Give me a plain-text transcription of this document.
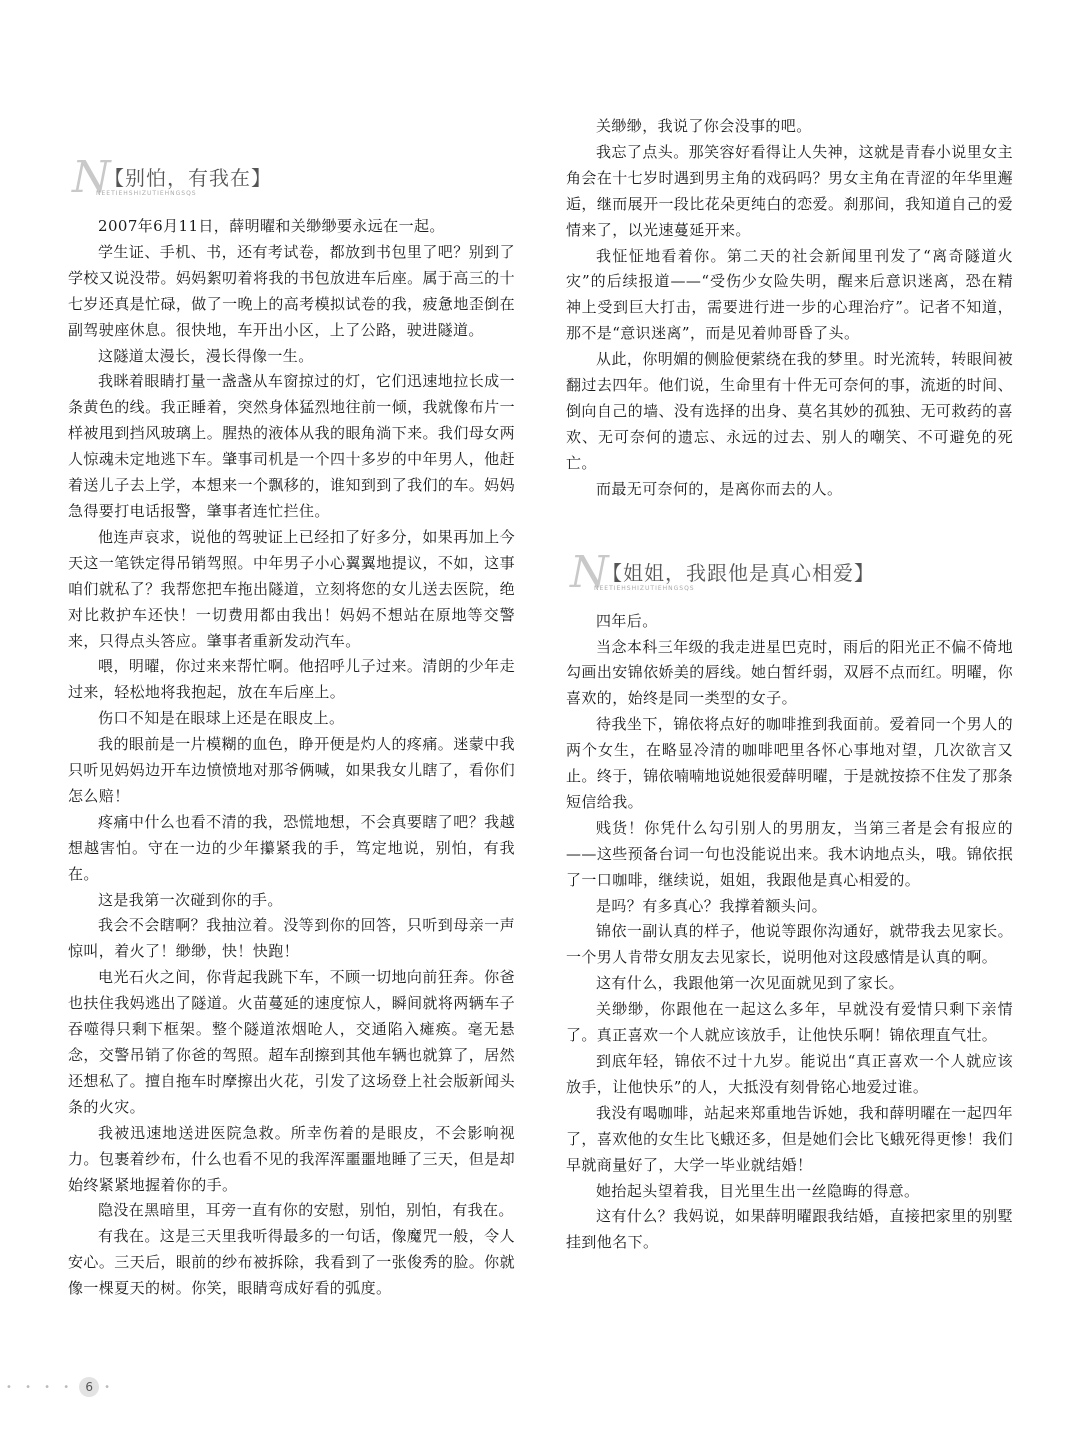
N
【别怕，有我在】
NEETIEHSHIZUTIEHNGSQS

2007年6月11日，薛明曜和关缈缈要永远在一起。

学生证、手机、书，还有考试卷，都放到书包里了吧？别到了学校又说没带。妈妈絮叨着将我的书包放进车后座。属于高三的十七岁还真是忙碌，做了一晚上的高考模拟试卷的我，疲惫地歪倒在副驾驶座休息。很快地，车开出小区，上了公路，驶进隧道。

这隧道太漫长，漫长得像一生。

我眯着眼睛打量一盏盏从车窗掠过的灯，它们迅速地拉长成一条黄色的线。我正睡着，突然身体猛烈地往前一倾，我就像布片一样被甩到挡风玻璃上。腥热的液体从我的眼角淌下来。我们母女两人惊魂未定地逃下车。肇事司机是一个四十多岁的中年男人，他赶着送儿子去上学，本想来一个飘移的，谁知到到了我们的车。妈妈急得要打电话报警，肇事者连忙拦住。

他连声哀求，说他的驾驶证上已经扣了好多分，如果再加上今天这一笔铁定得吊销驾照。中年男子小心翼翼地提议，不如，这事咱们就私了？我帮您把车拖出隧道，立刻将您的女儿送去医院，绝对比救护车还快！一切费用都由我出！妈妈不想站在原地等交警来，只得点头答应。肇事者重新发动汽车。

喂，明曜，你过来来帮忙啊。他招呼儿子过来。清朗的少年走过来，轻松地将我抱起，放在车后座上。

伤口不知是在眼球上还是在眼皮上。

我的眼前是一片模糊的血色，睁开便是灼人的疼痛。迷蒙中我只听见妈妈边开车边愤愤地对那爷俩喊，如果我女儿瞎了，看你们怎么赔！

疼痛中什么也看不清的我，恐慌地想，不会真要瞎了吧？我越想越害怕。守在一边的少年攥紧我的手，笃定地说，别怕，有我在。

这是我第一次碰到你的手。

我会不会瞎啊？我抽泣着。没等到你的回答，只听到母亲一声惊叫，着火了！缈缈，快！快跑！

电光石火之间，你背起我跳下车，不顾一切地向前狂奔。你爸也扶住我妈逃出了隧道。火苗蔓延的速度惊人，瞬间就将两辆车子吞噬得只剩下框架。整个隧道浓烟呛人，交通陷入瘫痪。毫无悬念，交警吊销了你爸的驾照。超车刮擦到其他车辆也就算了，居然还想私了。擅自拖车时摩擦出火花，引发了这场登上社会版新闻头条的火灾。

我被迅速地送进医院急救。所幸伤着的是眼皮，不会影响视力。包裹着纱布，什么也看不见的我浑浑噩噩地睡了三天，但是却始终紧紧地握着你的手。

隐没在黑暗里，耳旁一直有你的安慰，别怕，别怕，有我在。

有我在。这是三天里我听得最多的一句话，像魔咒一般，令人安心。三天后，眼前的纱布被拆除，我看到了一张俊秀的脸。你就像一棵夏天的树。你笑，眼睛弯成好看的弧度。

关缈缈，我说了你会没事的吧。

我忘了点头。那笑容好看得让人失神，这就是青春小说里女主角会在十七岁时遇到男主角的戏码吗？男女主角在青涩的年华里邂逅，继而展开一段比花朵更纯白的恋爱。刹那间，我知道自己的爱情来了，以光速蔓延开来。

我怔怔地看着你。第二天的社会新闻里刊发了“离奇隧道火灾”的后续报道——“受伤少女险失明，醒来后意识迷离，恐在精神上受到巨大打击，需要进行进一步的心理治疗”。记者不知道，那不是“意识迷离”，而是见着帅哥昏了头。

从此，你明媚的侧脸便萦绕在我的梦里。时光流转，转眼间被翻过去四年。他们说，生命里有十件无可奈何的事，流逝的时间、倒向自己的墙、没有选择的出身、莫名其妙的孤独、无可救药的喜欢、无可奈何的遗忘、永远的过去、别人的嘲笑、不可避免的死亡。

而最无可奈何的，是离你而去的人。

N
【姐姐，我跟他是真心相爱】
NEETIEHSHIZUTIEHNGSQS

四年后。

当念本科三年级的我走进星巴克时，雨后的阳光正不偏不倚地勾画出安锦依娇美的唇线。她白皙纤弱，双唇不点而红。明曜，你喜欢的，始终是同一类型的女子。

待我坐下，锦依将点好的咖啡推到我面前。爱着同一个男人的两个女生，在略显冷清的咖啡吧里各怀心事地对望，几次欲言又止。终于，锦依喃喃地说她很爱薛明曜，于是就按捺不住发了那条短信给我。

贱货！你凭什么勾引别人的男朋友，当第三者是会有报应的——这些预备台词一句也没能说出来。我木讷地点头，哦。锦依抿了一口咖啡，继续说，姐姐，我跟他是真心相爱的。

是吗？有多真心？我撑着额头问。

锦依一副认真的样子，他说等跟你沟通好，就带我去见家长。一个男人肯带女朋友去见家长，说明他对这段感情是认真的啊。

这有什么，我跟他第一次见面就见到了家长。

关缈缈，你跟他在一起这么多年，早就没有爱情只剩下亲情了。真正喜欢一个人就应该放手，让他快乐啊！锦依理直气壮。

到底年轻，锦依不过十九岁。能说出“真正喜欢一个人就应该放手，让他快乐”的人，大抵没有刻骨铭心地爱过谁。

我没有喝咖啡，站起来郑重地告诉她，我和薛明曜在一起四年了，喜欢他的女生比飞蛾还多，但是她们会比飞蛾死得更惨！我们早就商量好了，大学一毕业就结婚！

她抬起头望着我，目光里生出一丝隐晦的得意。

这有什么？我妈说，如果薛明曜跟我结婚，直接把家里的别墅挂到他名下。

• • • • 6	•
